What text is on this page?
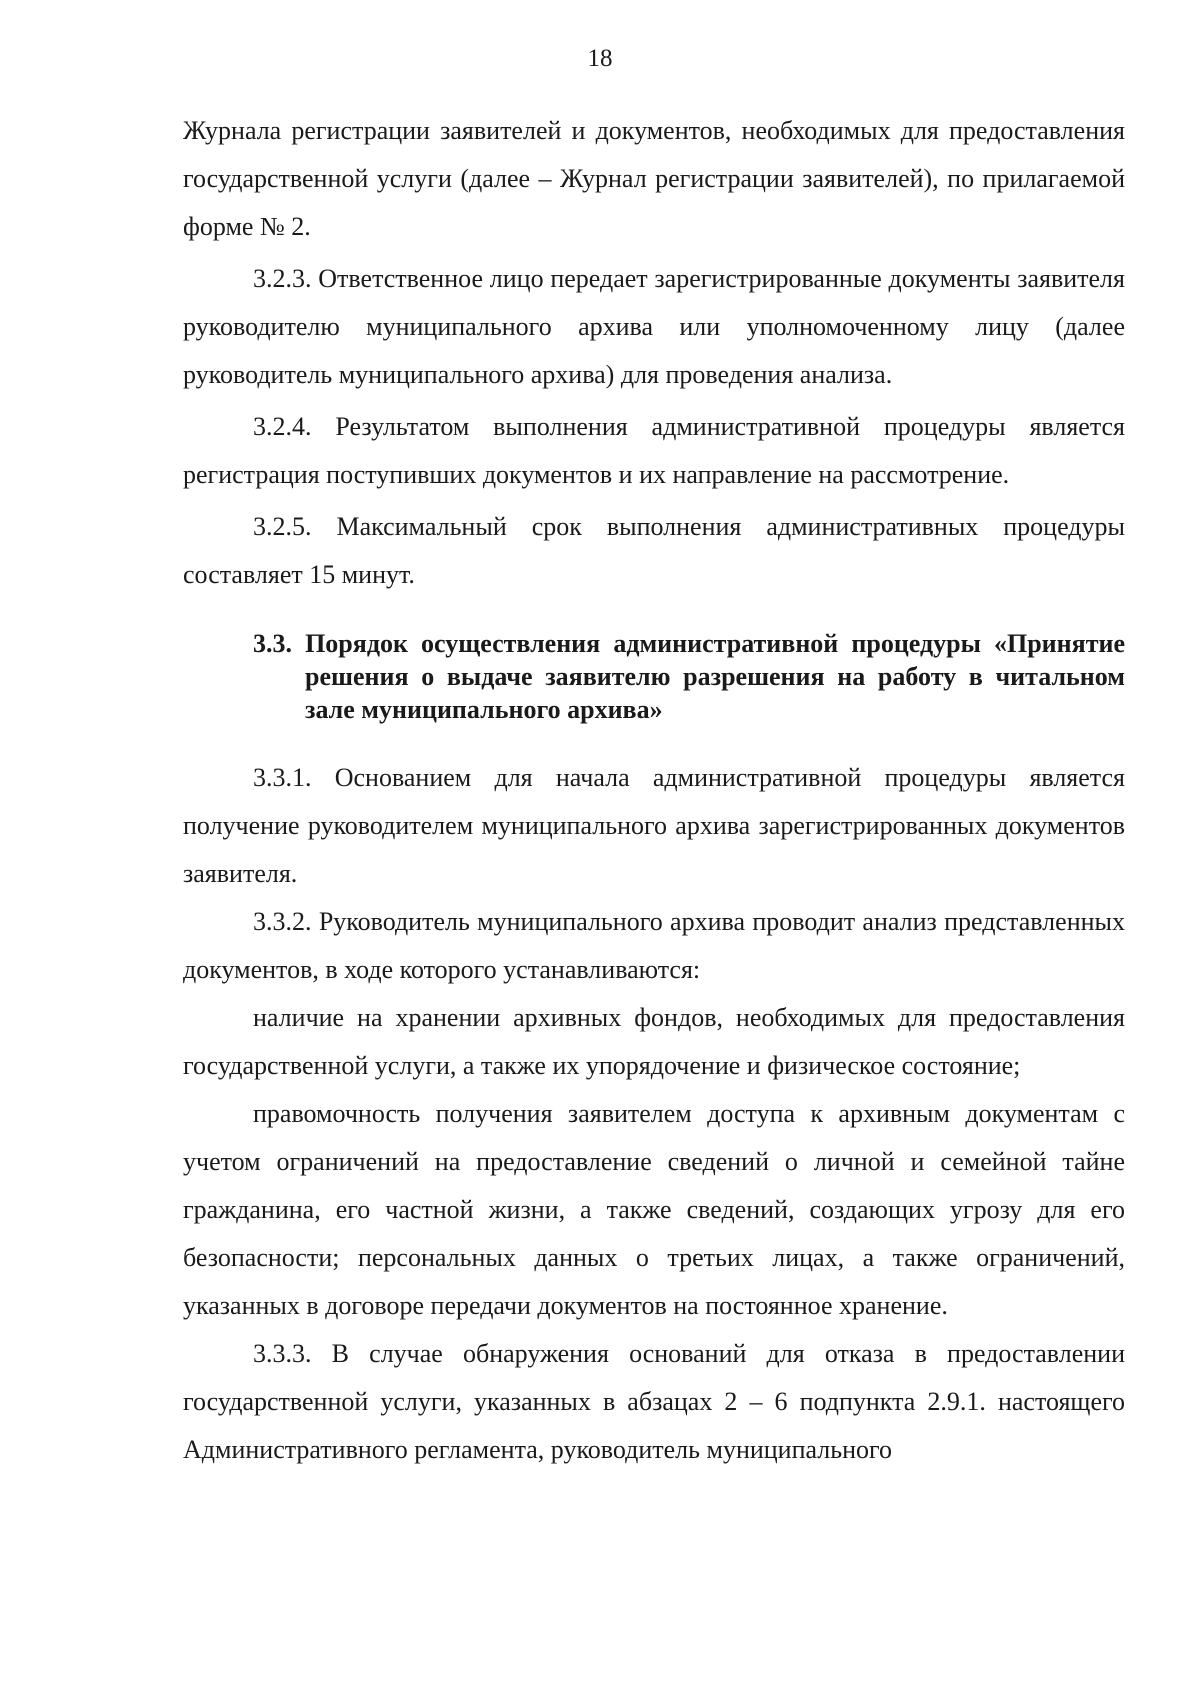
18

Журнала регистрации заявителей и документов, необходимых для предоставления государственной услуги (далее – Журнал регистрации заявителей), по прилагаемой форме № 2.

3.2.3. Ответственное лицо передает зарегистрированные документы заявителя руководителю муниципального архива или уполномоченному лицу (далее руководитель муниципального архива) для проведения анализа.

3.2.4. Результатом выполнения административной процедуры является регистрация поступивших документов и их направление на рассмотрение.

3.2.5. Максимальный срок выполнения административных процедуры составляет 15 минут.

3.3. Порядок осуществления административной процедуры «Принятие решения о выдаче заявителю разрешения на работу в читальном зале муниципального архива»

3.3.1. Основанием для начала административной процедуры является получение руководителем муниципального архива зарегистрированных документов заявителя.

3.3.2. Руководитель муниципального архива проводит анализ представленных документов, в ходе которого устанавливаются:

наличие на хранении архивных фондов, необходимых для предоставления государственной услуги, а также их упорядочение и физическое состояние;

правомочность получения заявителем доступа к архивным документам с учетом ограничений на предоставление сведений о личной и семейной тайне гражданина, его частной жизни, а также сведений, создающих угрозу для его безопасности; персональных данных о третьих лицах, а также ограничений, указанных в договоре передачи документов на постоянное хранение.

3.3.3. В случае обнаружения оснований для отказа в предоставлении государственной услуги, указанных в абзацах 2 – 6 подпункта 2.9.1. настоящего Административного регламента, руководитель муниципального
